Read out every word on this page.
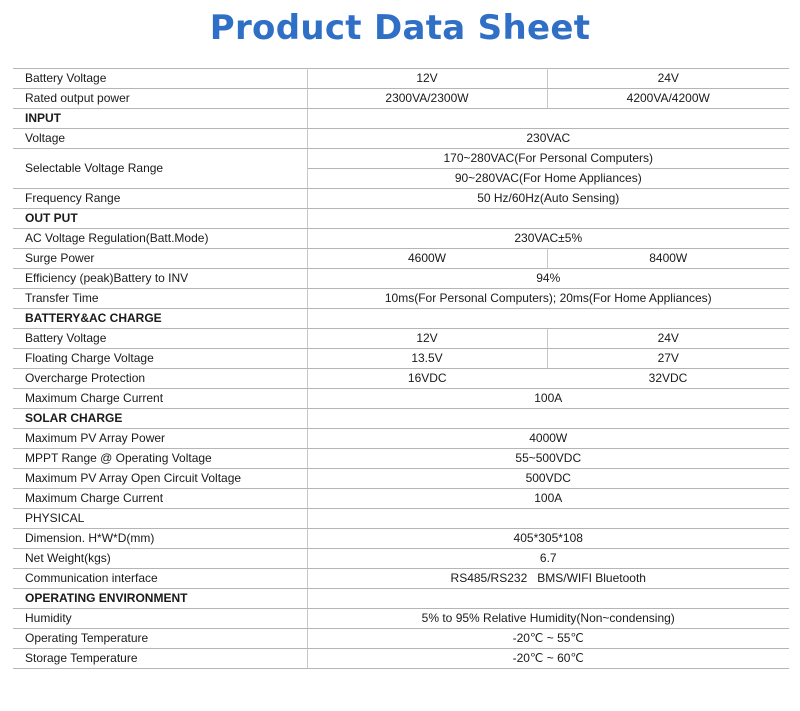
Product Data Sheet
Battery Voltage	12V	24V
Rated output power	2300VA/2300W	4200VA/4200W
INPUT		
Voltage	230VAC	
Selectable Voltage Range	170~280VAC(For Personal Computers)	
	90~280VAC(For Home Appliances)	
Frequency Range	50 Hz/60Hz(Auto Sensing)	
OUT PUT		
AC Voltage Regulation(Batt.Mode)	230VAC±5%	
Surge Power	4600W	8400W
Efficiency (peak)Battery to INV	94%	
Transfer Time	10ms(For Personal Computers); 20ms(For Home Appliances)	
BATTERY&AC CHARGE		
Battery Voltage	12V	24V
Floating Charge Voltage	13.5V	27V
Overcharge Protection	16VDC	32VDC
Maximum Charge Current	100A	
SOLAR CHARGE		
Maximum PV Array Power	4000W	
MPPT Range @ Operating Voltage	55~500VDC	
Maximum PV Array Open Circuit Voltage	500VDC	
Maximum Charge Current	100A	
PHYSICAL		
Dimension. H*W*D(mm)	405*305*108	
Net Weight(kgs)	6.7	
Communication interface	RS485/RS232   BMS/WIFI Bluetooth	
OPERATING ENVIRONMENT		
Humidity	5% to 95% Relative Humidity(Non~condensing)	
Operating Temperature	-20℃ ~ 55℃	
Storage Temperature	-20℃ ~ 60℃	
